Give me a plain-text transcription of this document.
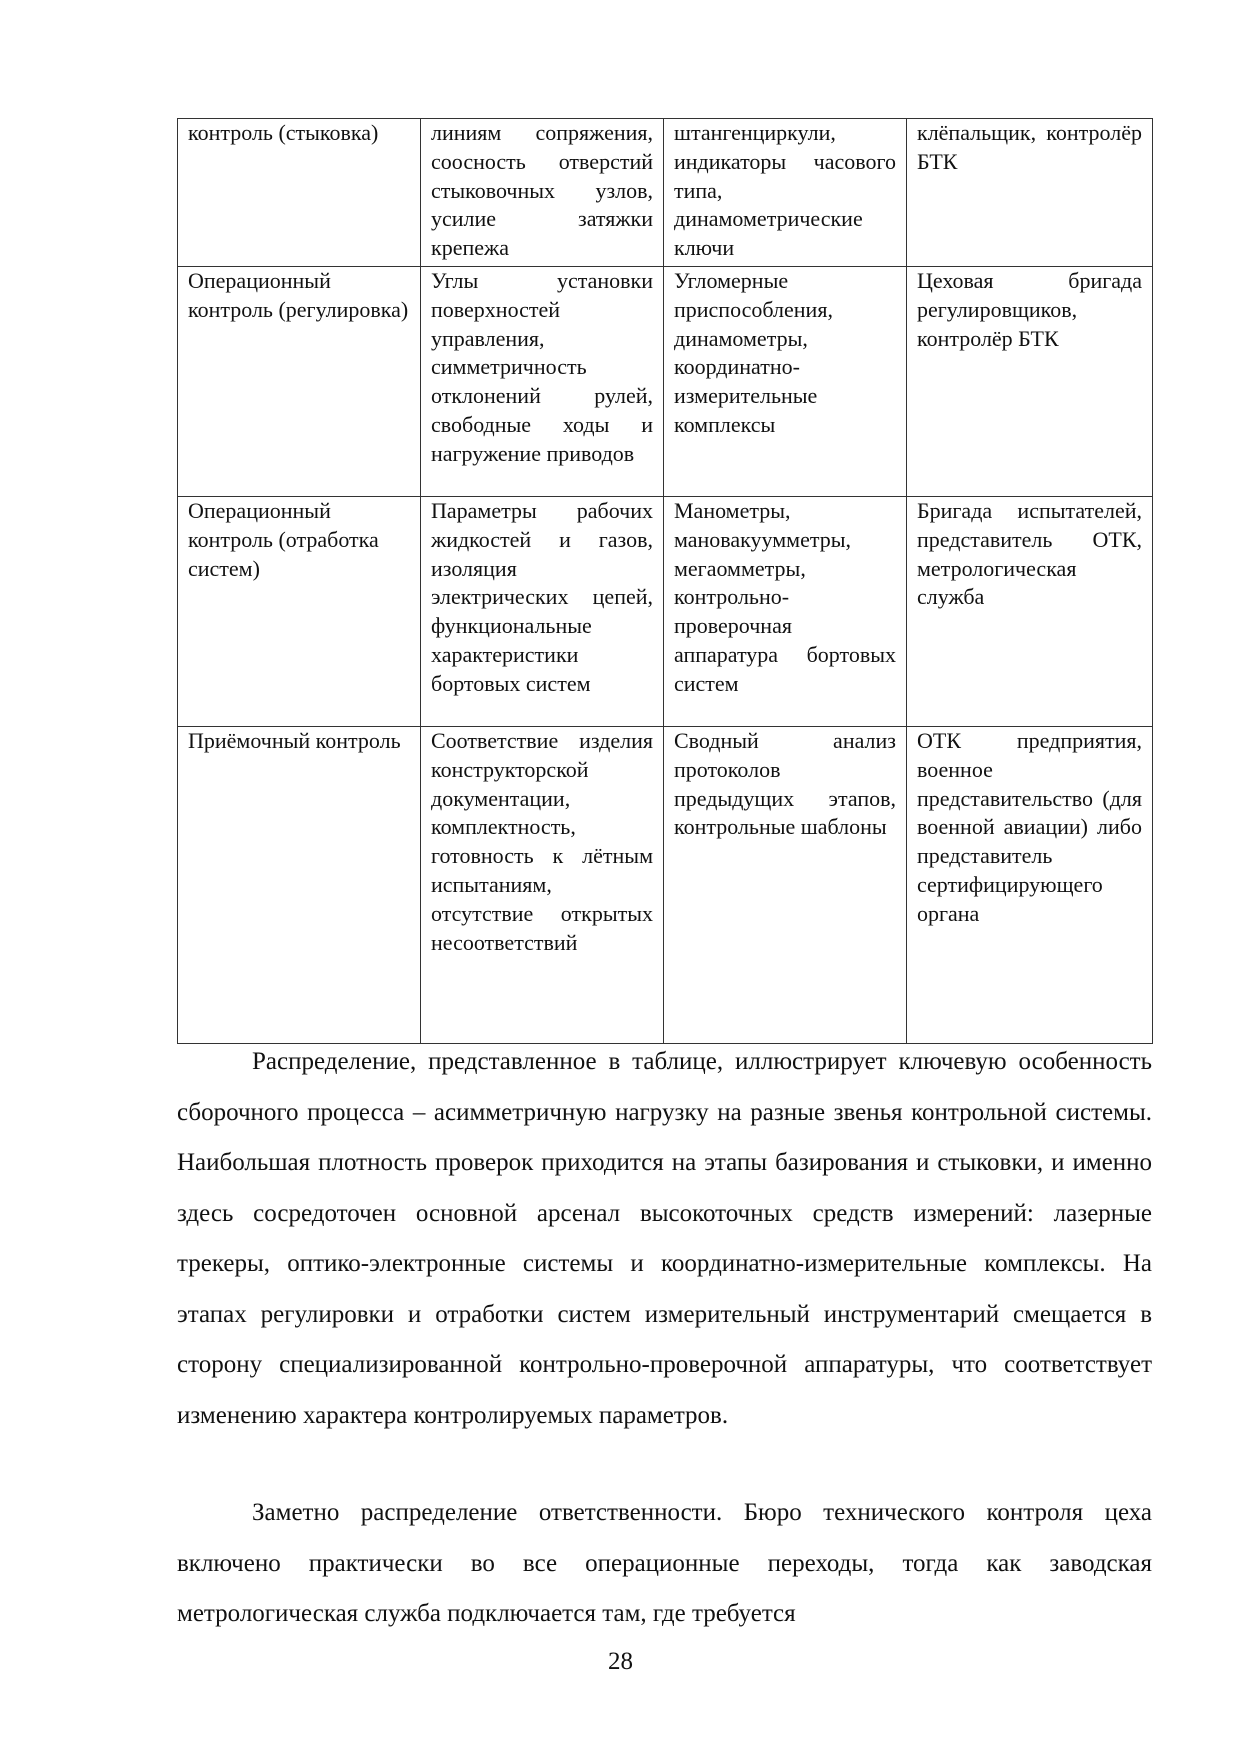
контроль (стыковка)	линиям сопряжения, соосность отверстий стыковочных узлов, усилие затяжки крепежа	штангенциркули, индикаторы часового типа, динамометрические ключи	клёпальщик, контролёр БТК
Операционный контроль (регулировка)	Углы установки поверхностей управления, симметричность отклонений рулей, свободные ходы и нагружение приводов	Угломерные приспособления, динамометры, координатно-измерительные комплексы	Цеховая бригада регулировщиков, контролёр БТК
Операционный контроль (отработка систем)	Параметры рабочих жидкостей и газов, изоляция электрических цепей, функциональные характеристики бортовых систем	Манометры, мановакуумметры, мегаомметры, контрольно-проверочная аппаратура бортовых систем	Бригада испытателей, представитель ОТК, метрологическая служба
Приёмочный контроль	Соответствие изделия конструкторской документации, комплектность, готовность к лётным испытаниям, отсутствие открытых несоответствий	Сводный анализ протоколов предыдущих этапов, контрольные шаблоны	ОТК предприятия, военное представительство (для военной авиации) либо представитель сертифицирующего органа

Распределение, представленное в таблице, иллюстрирует ключевую особенность сборочного процесса – асимметричную нагрузку на разные звенья контрольной системы. Наибольшая плотность проверок приходится на этапы базирования и стыковки, и именно здесь сосредоточен основной арсенал высокоточных средств измерений: лазерные трекеры, оптико-электронные системы и координатно-измерительные комплексы. На этапах регулировки и отработки систем измерительный инструментарий смещается в сторону специализированной контрольно-проверочной аппаратуры, что соответствует изменению характера контролируемых параметров.

Заметно распределение ответственности. Бюро технического контроля цеха включено практически во все операционные переходы, тогда как заводская метрологическая служба подключается там, где требуется

28
